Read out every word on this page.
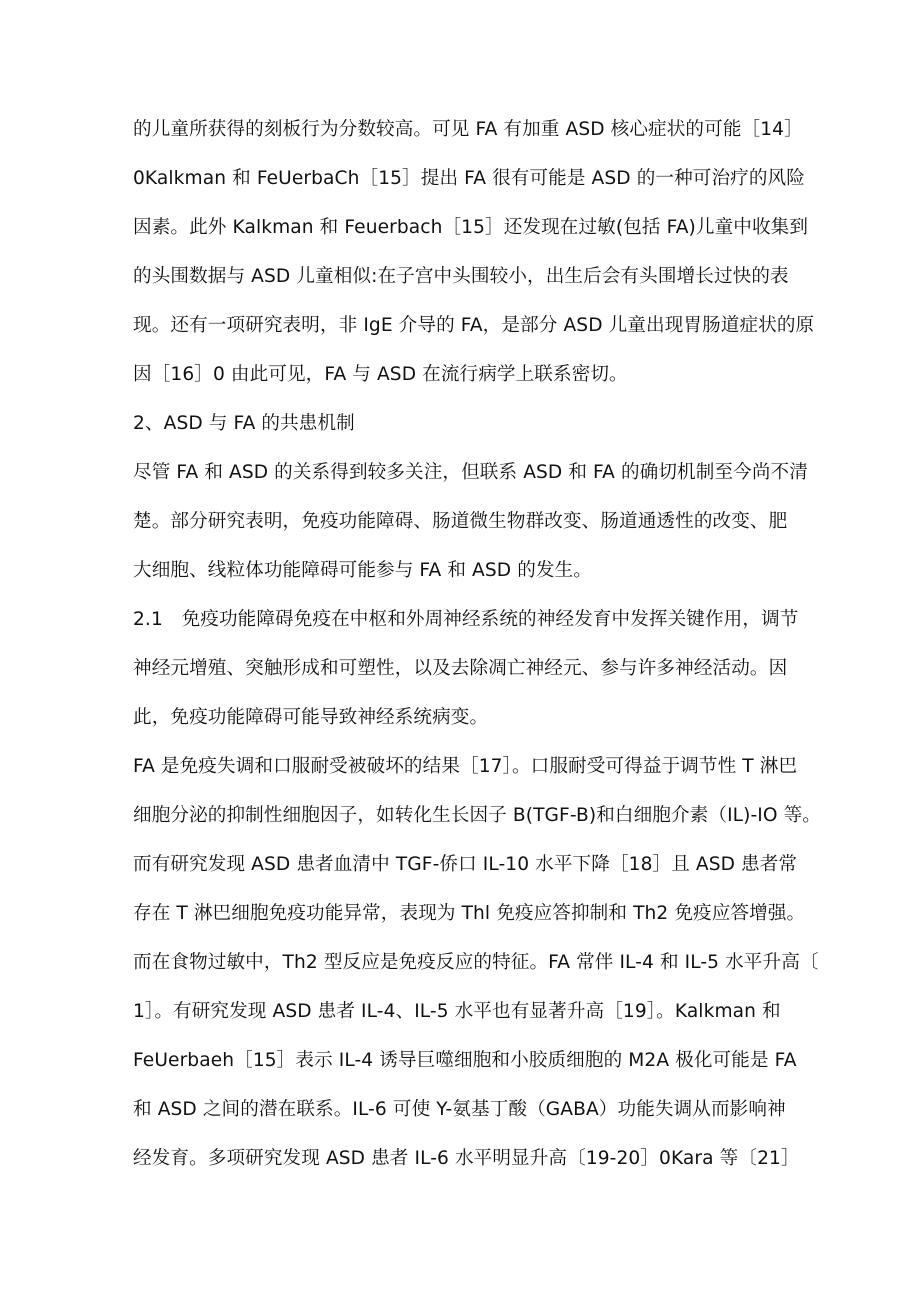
的儿童所获得的刻板行为分数较高。可见 FA 有加重 ASD 核心症状的可能［14］
0Kalkman 和 FeUerbaCh［15］提出 FA 很有可能是 ASD 的一种可治疗的风险
因素。此外 Kalkman 和 Feuerbach［15］还发现在过敏(包括 FA)儿童中收集到
的头围数据与 ASD 儿童相似:在子宫中头围较小，出生后会有头围增长过快的表
现。还有一项研究表明，非 IgE 介导的 FA，是部分 ASD 儿童出现胃肠道症状的原
因［16］0 由此可见，FA 与 ASD 在流行病学上联系密切。
2、ASD 与 FA 的共患机制
尽管 FA 和 ASD 的关系得到较多关注，但联系 ASD 和 FA 的确切机制至今尚不清
楚。部分研究表明，免疫功能障碍、肠道微生物群改变、肠道通透性的改变、肥
大细胞、线粒体功能障碍可能参与 FA 和 ASD 的发生。
2.1　免疫功能障碍免疫在中枢和外周神经系统的神经发育中发挥关键作用，调节
神经元增殖、突触形成和可塑性，以及去除凋亡神经元、参与许多神经活动。因
此，免疫功能障碍可能导致神经系统病变。
FA 是免疫失调和口服耐受被破坏的结果［17］。口服耐受可得益于调节性 T 淋巴
细胞分泌的抑制性细胞因子，如转化生长因子 B(TGF-B)和白细胞介素（IL)-IO 等。
而有研究发现 ASD 患者血清中 TGF-侨口 IL-10 水平下降［18］且 ASD 患者常
存在 T 淋巴细胞免疫功能异常，表现为 Thl 免疫应答抑制和 Th2 免疫应答增强。
而在食物过敏中，Th2 型反应是免疫反应的特征。FA 常伴 IL-4 和 IL-5 水平升高〔
1］。有研究发现 ASD 患者 IL-4、IL-5 水平也有显著升高［19］。Kalkman 和
FeUerbaeh［15］表示 IL-4 诱导巨噬细胞和小胶质细胞的 M2A 极化可能是 FA
和 ASD 之间的潜在联系。IL-6 可使 Y-氨基丁酸（GABA）功能失调从而影响神
经发育。多项研究发现 ASD 患者 IL-6 水平明显升高〔19-20］0Kara 等〔21］
